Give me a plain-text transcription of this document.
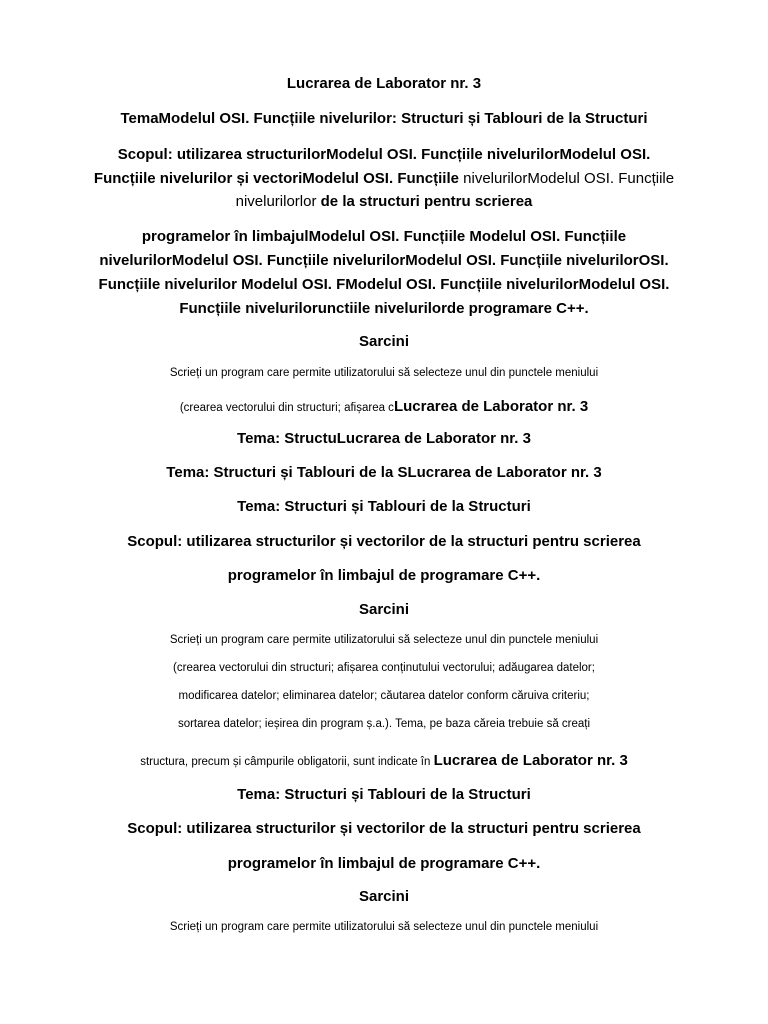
Lucrarea de Laborator nr. 3

TemaModelul OSI. Funcțiile nivelurilor: Structuri și Tablouri de la Structuri

Scopul: utilizarea structurilorModelul OSI. Funcțiile nivelurilorModelul OSI.

Funcțiile nivelurilor și vectoriModelul OSI. Funcțiile nivelurilorModelul OSI. Funcțiile

nivelurilorlor de la structuri pentru scrierea

programelor în limbajulModelul OSI. Funcțiile Modelul OSI. Funcțiile

nivelurilorModelul OSI. Funcțiile nivelurilorModelul OSI. Funcțiile nivelurilorOSI.

Funcțiile nivelurilor Modelul OSI. FModelul OSI. Funcțiile nivelurilorModelul OSI.

Funcțiile nivelurilorunctiile nivelurilorde programare C++.

Sarcini

Scrieți un program care permite utilizatorului să selecteze unul din punctele meniului

(crearea vectorului din structuri; afișarea cLucrarea de Laborator nr. 3

Tema: StructuLucrarea de Laborator nr. 3

Tema: Structuri și Tablouri de la SLucrarea de Laborator nr. 3

Tema: Structuri și Tablouri de la Structuri

Scopul: utilizarea structurilor și vectorilor de la structuri pentru scrierea

programelor în limbajul de programare C++.

Sarcini

Scrieți un program care permite utilizatorului să selecteze unul din punctele meniului

(crearea vectorului din structuri; afișarea conținutului vectorului; adăugarea datelor;

modificarea datelor; eliminarea datelor; căutarea datelor conform căruiva criteriu;

sortarea datelor; ieșirea din program ș.a.). Tema, pe baza căreia trebuie să creați

structura, precum și câmpurile obligatorii, sunt indicate în Lucrarea de Laborator nr. 3

Tema: Structuri și Tablouri de la Structuri

Scopul: utilizarea structurilor și vectorilor de la structuri pentru scrierea

programelor în limbajul de programare C++.

Sarcini

Scrieți un program care permite utilizatorului să selecteze unul din punctele meniului
